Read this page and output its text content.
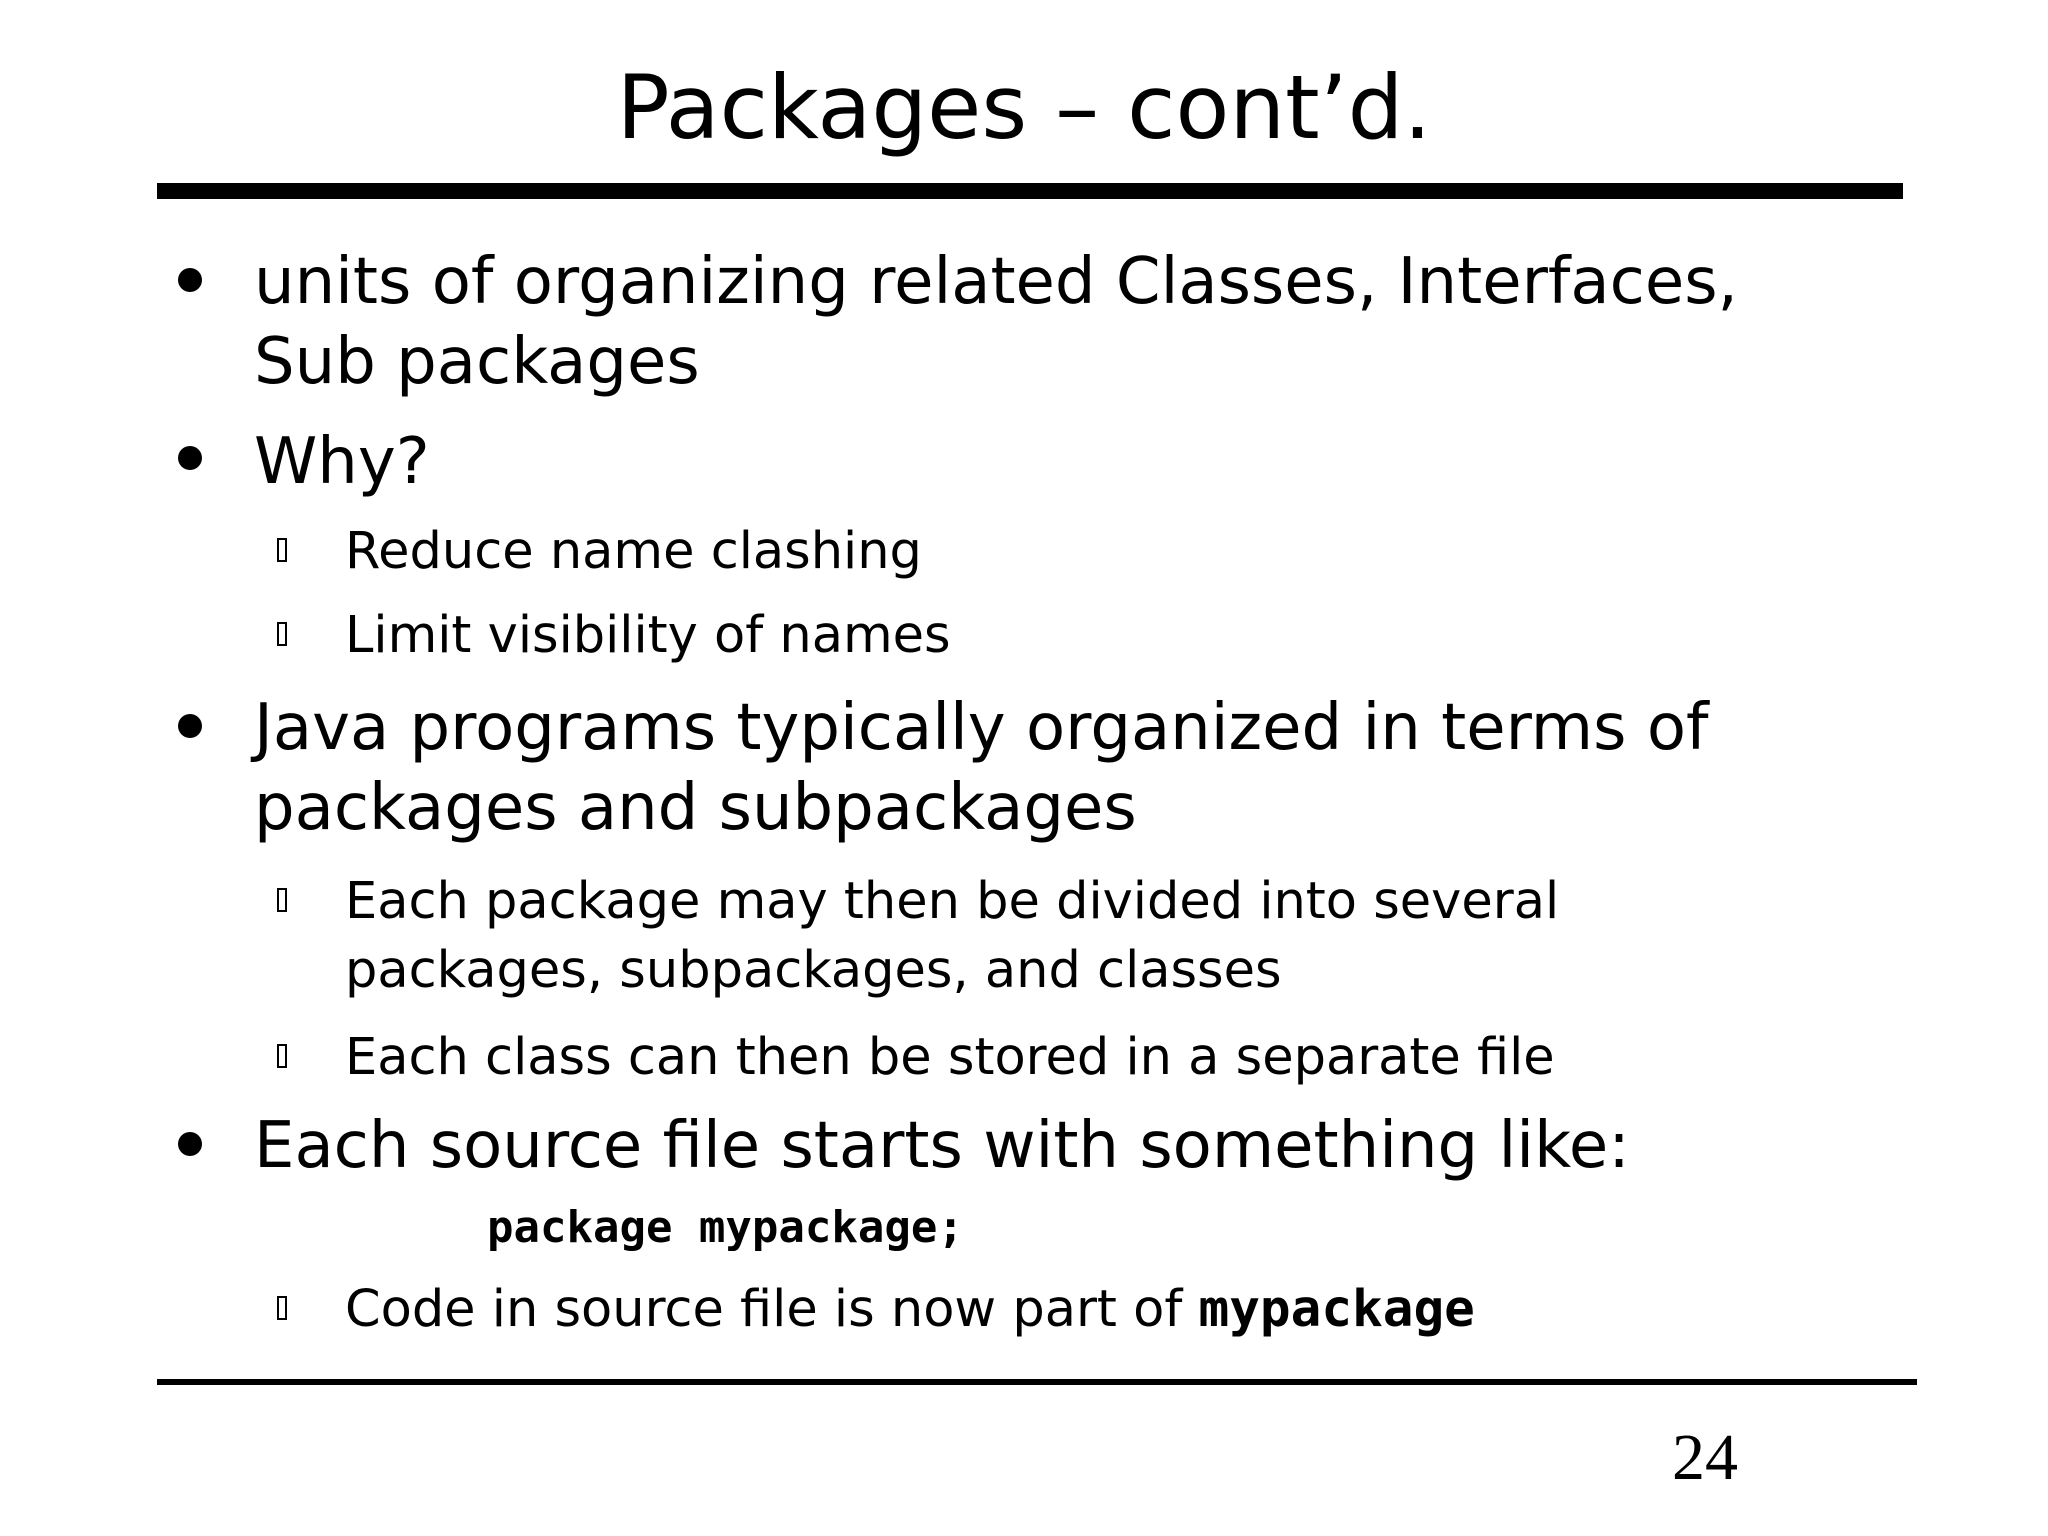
Packages – cont’d.
units of organizing related Classes, Interfaces,
Sub packages
Why?
Reduce name clashing
Limit visibility of names
Java programs typically organized in terms of
packages and subpackages
Each package may then be divided into several
packages, subpackages, and classes
Each class can then be stored in a separate file
Each source file starts with something like:
package mypackage;
Code in source file is now part of mypackage
24
